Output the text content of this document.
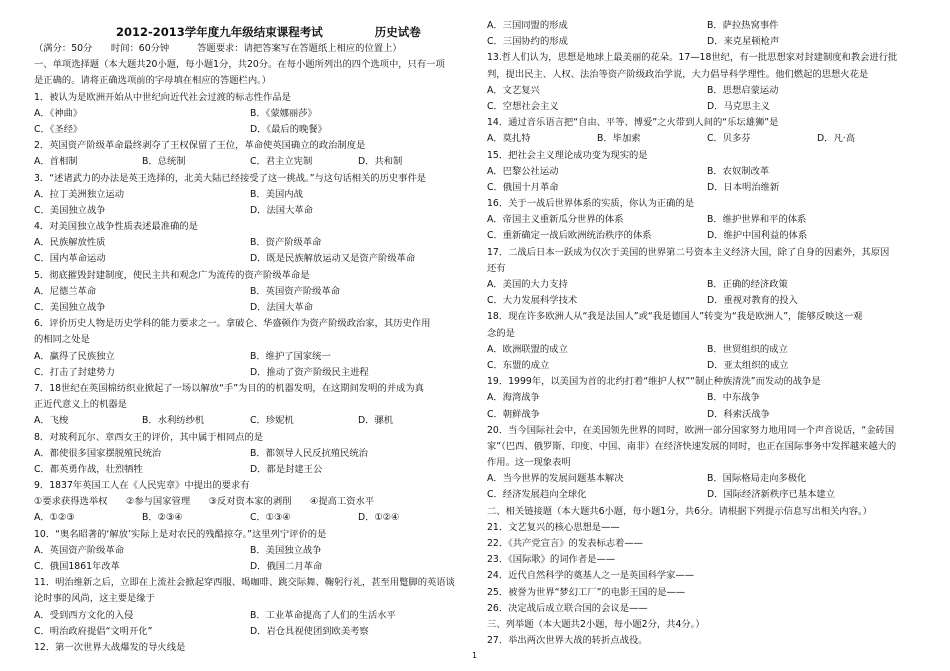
2012-2013学年度九年级结束课程考试	历史试卷
（满分：50分　　时间：60分钟　　　答题要求：请把答案写在答题纸上相应的位置上）
一、单项选择题（本大题共20小题，每小题1分，共20分。在每小题所列出的四个选项中，只有一项
是正确的。请将正确选项前的字母填在相应的答题栏内。）
1．被认为是欧洲开始从中世纪向近代社会过渡的标志性作品是
A．《神曲》	B．《蒙娜丽莎》
C．《圣经》	D．《最后的晚餐》
2．英国资产阶级革命最终剥夺了王权保留了王位，革命使英国确立的政治制度是
A．首相制	B．总统制	C．君主立宪制	D．共和制
3．“述诸武力的办法是英王选择的，北美大陆已经接受了这一挑战。”与这句话相关的历史事件是
A．拉丁美洲独立运动	B．美国内战
C．美国独立战争	D．法国大革命
4．对美国独立战争性质表述最准确的是
A．民族解放性质	B．资产阶级革命
C．国内革命运动	D．既是民族解放运动又是资产阶级革命
5．彻底摧毁封建制度，使民主共和观念广为流传的资产阶级革命是
A．尼德兰革命	B．英国资产阶级革命
C．美国独立战争	D．法国大革命
6．评价历史人物是历史学科的能力要求之一。拿破仑、华盛顿作为资产阶级政治家，其历史作用
的相同之处是
A．赢得了民族独立	B．维护了国家统一
C．打击了封建势力	D．推动了资产阶级民主进程
7．18世纪在英国棉纺织业掀起了一场以解放“手”为目的的机器发明，在这期间发明的并成为真
正近代意义上的机器是
A．飞梭	B．水利纺纱机	C．珍妮机	D．骡机
8．对玻利瓦尔、章西女王的评价，其中属于相同点的是
A．都使很多国家摆脱殖民统治	B．都领导人民反抗殖民统治
C．都英勇作战，壮烈牺牲	D．都是封建王公
9．1837年英国工人在《人民宪章》中提出的要求有
①要求获得选举权　　②参与国家管理　　③反对资本家的剥削　　④提高工资水平
A．①②③	B．②③④	C．①③④	D．①②④
10．“奥名昭著的‘解放’实际上是对农民的残酷掠夺。”这里列宁评价的是
A．英国资产阶级革命	B．美国独立战争
C．俄国1861年改革	D．俄国二月革命
11．明治维新之后，立即在上流社会掀起穿西服、喝咖啡、跳交际舞、鞠躬行礼，甚至用蹩脚的英语谈
论时事的风尚，这主要是缘于
A．受到西方文化的入侵	B．工业革命提高了人们的生活水平
C．明治政府提倡“文明开化”	D．岩仓具视使团到欧美考察
12．第一次世界大战爆发的导火线是
A．三国同盟的形成	B．萨拉热窝事件
C．三国协约的形成	D．来克星顿枪声
13.哲人们认为，思想是地球上最美丽的花朵。17—18世纪，有一批思想家对封建制度和教会进行批
判，提出民主、人权、法治等资产阶级政治学说，大力倡导科学理性。他们燃起的思想火花是
A．文艺复兴	B．思想启蒙运动
C．空想社会主义	D．马克思主义
14．通过音乐语言把“自由、平等、博爱”之火带到人间的“乐坛雄狮”是
A．莫扎特	B．毕加索	C．贝多芬	D．凡·高
15．把社会主义理论成功变为现实的是
A．巴黎公社运动	B．农奴制改革
C．俄国十月革命	D．日本明治维新
16．关于一战后世界体系的实质，你认为正确的是
A．帝国主义重新瓜分世界的体系	B．维护世界和平的体系
C．重新确定一战后欧洲统治秩序的体系	D．维护中国利益的体系
17．二战后日本一跃成为仅次于美国的世界第二号资本主义经济大国，除了自身的因素外，其原因
还有
A．美国的大力支持	B．正确的经济政策
C．大力发展科学技术	D．重视对教育的投入
18．现在许多欧洲人从“我是法国人”或“我是德国人”转变为“我是欧洲人”，能够反映这一观
念的是
A．欧洲联盟的成立	B．世贸组织的成立
C．东盟的成立	D．亚太组织的成立
19．1999年，以美国为首的北约打着“维护人权”“制止种族清洗”而发动的战争是
A．海湾战争	B．中东战争
C．朝鲜战争	D．科索沃战争
20．当今国际社会中，在美国领先世界的同时，欧洲一部分国家努力地用同一个声音说话，“金砖国
家”（巴西、俄罗斯、印度、中国、南非）在经济快速发展的同时，也正在国际事务中发挥越来越大的
作用。这一现象表明
A．当今世界的发展问题基本解决	B．国际格局走向多极化
C．经济发展趋向全球化	D．国际经济新秩序已基本建立
二、相关链接题（本大题共6小题，每小题1分，共6分。请根据下列提示信息写出相关内容。）
21．文艺复兴的核心思想是——
22．《共产党宣言》的发表标志着——
23．《国际歌》的词作者是——
24．近代自然科学的奠基人之一是英国科学家——
25．被誉为世界“梦幻工厂”的电影王国的是——
26．决定战后成立联合国的会议是——
三、列举题（本大题共2小题，每小题2分，共4分。）
27．举出两次世界大战的转折点战役。
1
